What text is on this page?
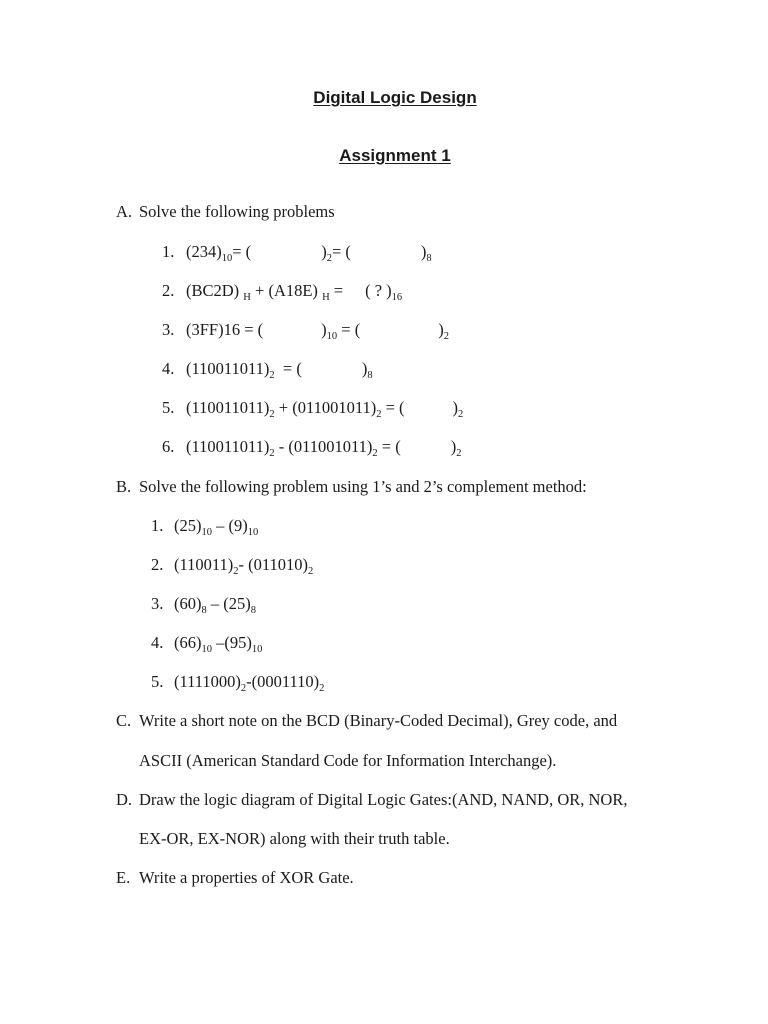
Digital Logic Design
Assignment 1
A. Solve the following problems
1. $(234)_{10}=$ (	)$_2=$ (	)$_8$
2. (BC2D) $_H$ + (A18E) $_H$ = ( ? )$_{16}$
3. (3FF)16 = (	)$_{10}$ = (	)$_2$
4. $(110011011)_2$  = (	)$_8$
5. $(110011011)_2 + (011001011)_2$ = (	)$_2$
6. $(110011011)_2 - (011001011)_2$ = (	)$_2$
B. Solve the following problem using 1’s and 2’s complement method:
1. $(25)_{10} - (9)_{10}$
2. $(110011)_2-$ $(011010)_2$
3. $(60)_8 - (25)_8$
4. $(66)_{10}$ $-(95)_{10}$
5. $(1111000)_2-(0001110)_2$
C. Write a short note on the BCD (Binary-Coded Decimal), Grey code, and
ASCII (American Standard Code for Information Interchange).
D. Draw the logic diagram of Digital Logic Gates:(AND, NAND, OR, NOR,
EX-OR, EX-NOR) along with their truth table.
E. Write a properties of XOR Gate.
